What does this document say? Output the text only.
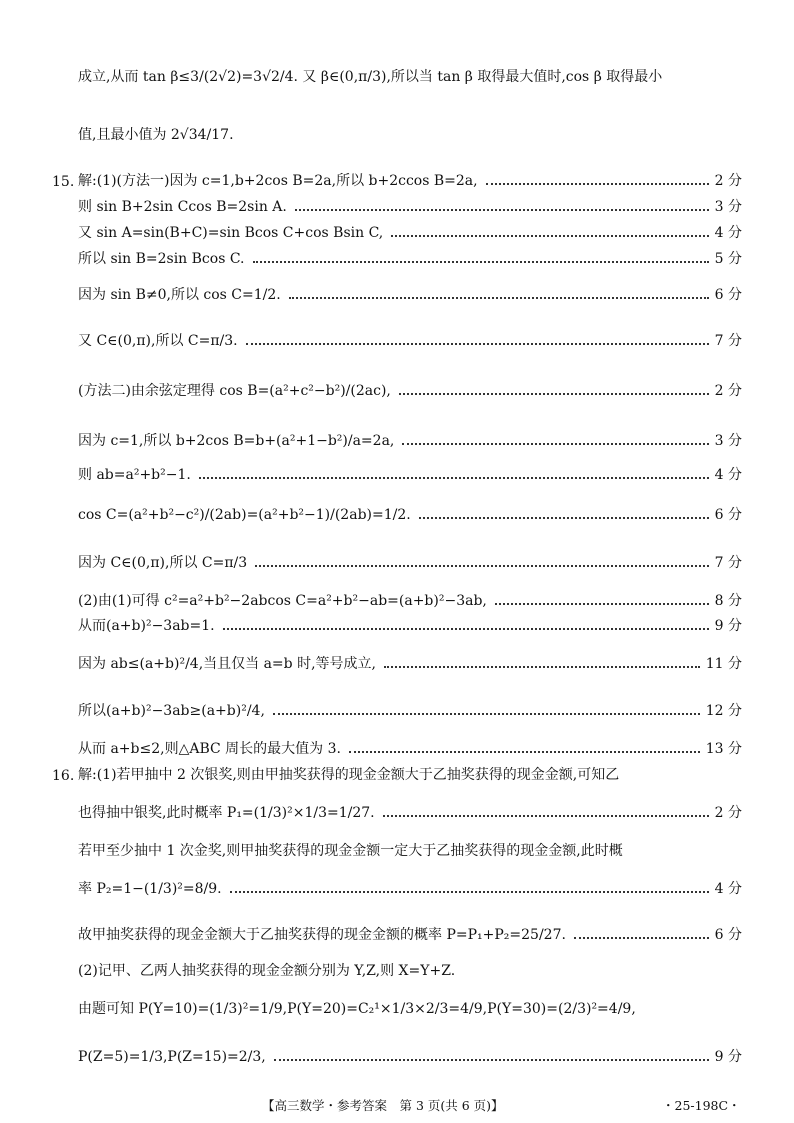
成立,从而 tan β≤3/(2√2)=3√2/4. 又 β∈(0,π/3),所以当 tan β 取得最大值时,cos β 取得最小
值,且最小值为 2√34/17.
15. 解:(1)(方法一)因为 c=1,b+2cos B=2a,所以 b+2ccos B=2a,	2 分
则 sin B+2sin Ccos B=2sin A.	3 分
又 sin A=sin(B+C)=sin Bcos C+cos Bsin C,	4 分
所以 sin B=2sin Bcos C.	5 分
因为 sin B≠0,所以 cos C=1/2.	6 分
又 C∈(0,π),所以 C=π/3.	7 分
(方法二)由余弦定理得 cos B=(a²+c²−b²)/(2ac),	2 分
因为 c=1,所以 b+2cos B=b+(a²+1−b²)/a=2a,	3 分
则 ab=a²+b²−1.	4 分
cos C=(a²+b²−c²)/(2ab)=(a²+b²−1)/(2ab)=1/2.	6 分
因为 C∈(0,π),所以 C=π/3	7 分
(2)由(1)可得 c²=a²+b²−2abcos C=a²+b²−ab=(a+b)²−3ab,	8 分
从而(a+b)²−3ab=1.	9 分
因为 ab≤(a+b)²/4,当且仅当 a=b 时,等号成立,	11 分
所以(a+b)²−3ab≥(a+b)²/4,	12 分
从而 a+b≤2,则△ABC 周长的最大值为 3.	13 分
16. 解:(1)若甲抽中 2 次银奖,则由甲抽奖获得的现金金额大于乙抽奖获得的现金金额,可知乙
也得抽中银奖,此时概率 P₁=(1/3)²×1/3=1/27.	2 分
若甲至少抽中 1 次金奖,则甲抽奖获得的现金金额一定大于乙抽奖获得的现金金额,此时概
率 P₂=1−(1/3)²=8/9.	4 分
故甲抽奖获得的现金金额大于乙抽奖获得的现金金额的概率 P=P₁+P₂=25/27.	6 分
(2)记甲、乙两人抽奖获得的现金金额分别为 Y,Z,则 X=Y+Z.
由题可知 P(Y=10)=(1/3)²=1/9,P(Y=20)=C₂¹×1/3×2/3=4/9,P(Y=30)=(2/3)²=4/9,
P(Z=5)=1/3,P(Z=15)=2/3,	9 分
【高三数学・参考答案　第 3 页(共 6 页)】	・25-198C・
